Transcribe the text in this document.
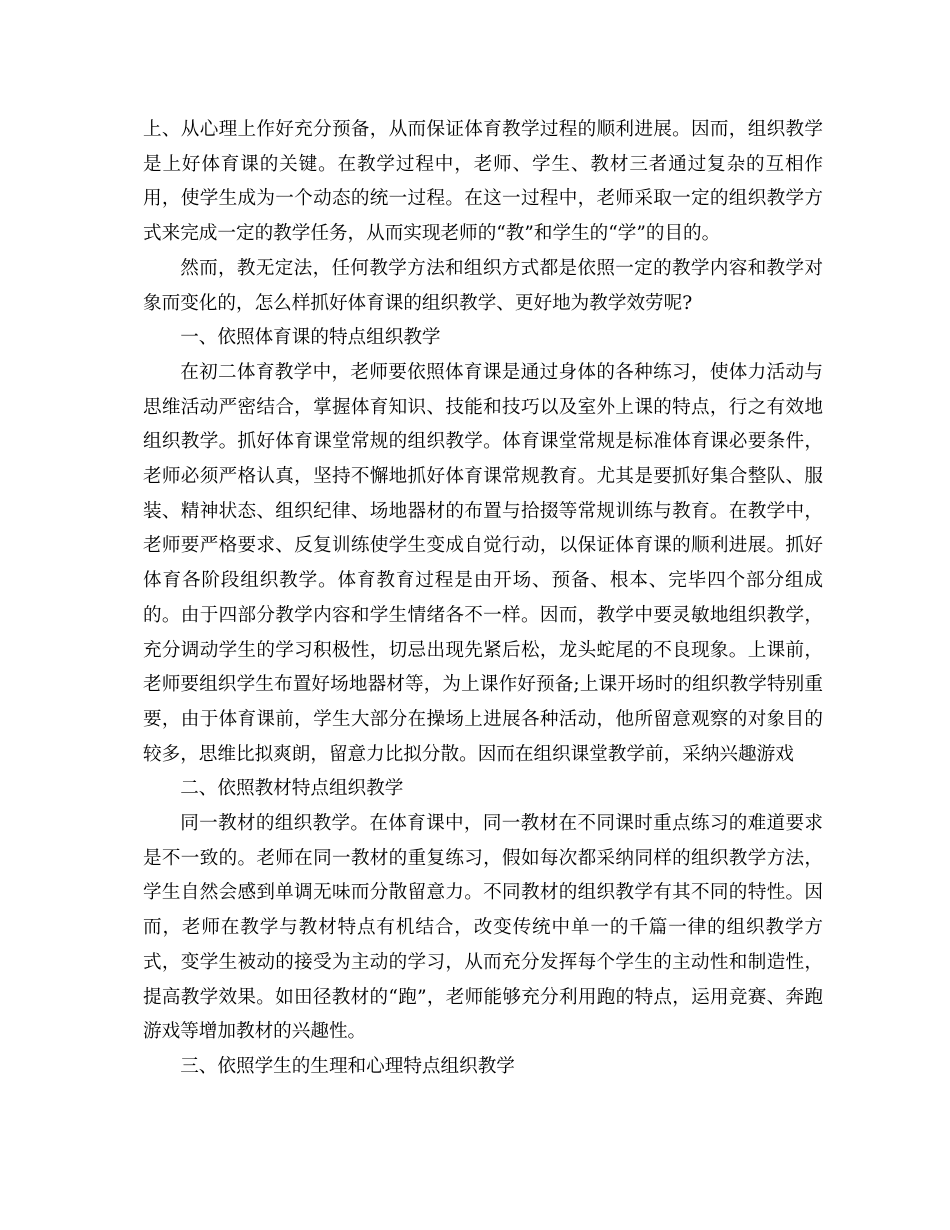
上、从心理上作好充分预备，从而保证体育教学过程的顺利进展。因而，组织教学是上好体育课的关键。在教学过程中，老师、学生、教材三者通过复杂的互相作用，使学生成为一个动态的统一过程。在这一过程中，老师采取一定的组织教学方式来完成一定的教学任务，从而实现老师的“教”和学生的“学”的目的。

然而，教无定法，任何教学方法和组织方式都是依照一定的教学内容和教学对象而变化的，怎么样抓好体育课的组织教学、更好地为教学效劳呢?

一、依照体育课的特点组织教学

在初二体育教学中，老师要依照体育课是通过身体的各种练习，使体力活动与思维活动严密结合，掌握体育知识、技能和技巧以及室外上课的特点，行之有效地组织教学。抓好体育课堂常规的组织教学。体育课堂常规是标准体育课必要条件，老师必须严格认真，坚持不懈地抓好体育课常规教育。尤其是要抓好集合整队、服装、精神状态、组织纪律、场地器材的布置与拾掇等常规训练与教育。在教学中，老师要严格要求、反复训练使学生变成自觉行动，以保证体育课的顺利进展。抓好体育各阶段组织教学。体育教育过程是由开场、预备、根本、完毕四个部分组成的。由于四部分教学内容和学生情绪各不一样。因而，教学中要灵敏地组织教学，充分调动学生的学习积极性，切忌出现先紧后松，龙头蛇尾的不良现象。上课前，老师要组织学生布置好场地器材等，为上课作好预备;上课开场时的组织教学特别重要，由于体育课前，学生大部分在操场上进展各种活动，他所留意观察的对象目的较多，思维比拟爽朗，留意力比拟分散。因而在组织课堂教学前，采纳兴趣游戏

二、依照教材特点组织教学

同一教材的组织教学。在体育课中，同一教材在不同课时重点练习的难道要求是不一致的。老师在同一教材的重复练习，假如每次都采纳同样的组织教学方法，学生自然会感到单调无味而分散留意力。不同教材的组织教学有其不同的特性。因而，老师在教学与教材特点有机结合，改变传统中单一的千篇一律的组织教学方式，变学生被动的接受为主动的学习，从而充分发挥每个学生的主动性和制造性，提高教学效果。如田径教材的“跑”，老师能够充分利用跑的特点，运用竞赛、奔跑游戏等增加教材的兴趣性。

三、依照学生的生理和心理特点组织教学
